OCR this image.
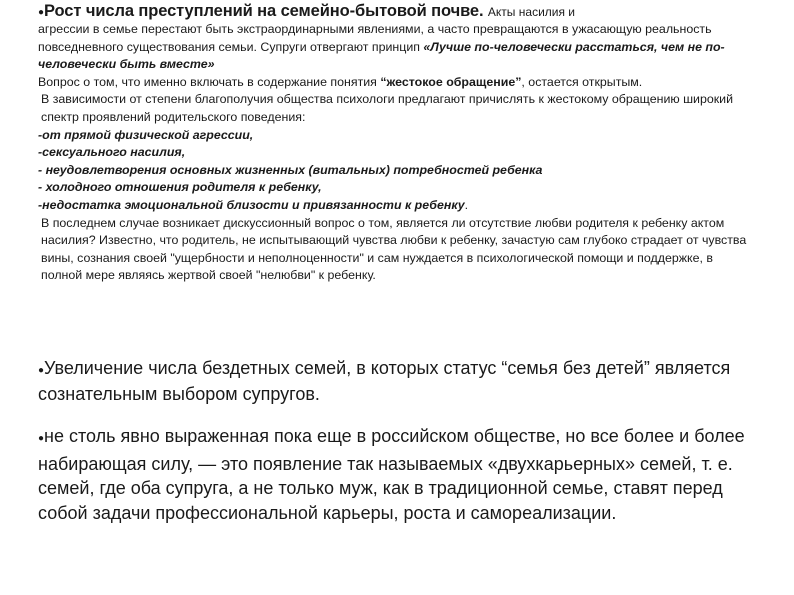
●Рост числа преступлений на семейно-бытовой почве. Акты насилия и

агрессии в семье перестают быть экстраординарными явлениями, а часто превращаются в ужасающую реальность повседневного существования семьи. Супруги отвергают принцип «Лучше по-человечески расстаться, чем не по-человечески быть вместе»

Вопрос о том, что именно включать в содержание понятия “жестокое обращение”, остается открытым.

В зависимости от степени благополучия общества психологи предлагают причислять к жестокому обращению широкий спектр проявлений родительского поведения:

-от прямой физической агрессии,

-сексуального насилия,

- неудовлетворения основных жизненных (витальных) потребностей ребенка

- холодного отношения родителя к ребенку,

-недостатка эмоциональной близости и привязанности к ребенку.

В последнем случае возникает дискуссионный вопрос о том, является ли отсутствие любви родителя к ребенку актом насилия? Известно, что родитель, не испытывающий чувства любви к ребенку, зачастую сам глубоко страдает от чувства вины, сознания своей "ущербности и неполноценности" и сам нуждается в психологической помощи и поддержке, в полной мере являясь жертвой своей "нелюбви" к ребенку.

●Увеличение числа бездетных семей, в которых статус “семья без детей” является сознательным выбором супругов.
●не столь явно выраженная пока еще в российском обществе, но все более и более набирающая силу, — это появление так называемых «двухкарьерных» семей, т. е. семей, где оба супруга, а не только муж, как в традиционной семье, ставят перед собой задачи профессиональной карьеры, роста и самореализации.
